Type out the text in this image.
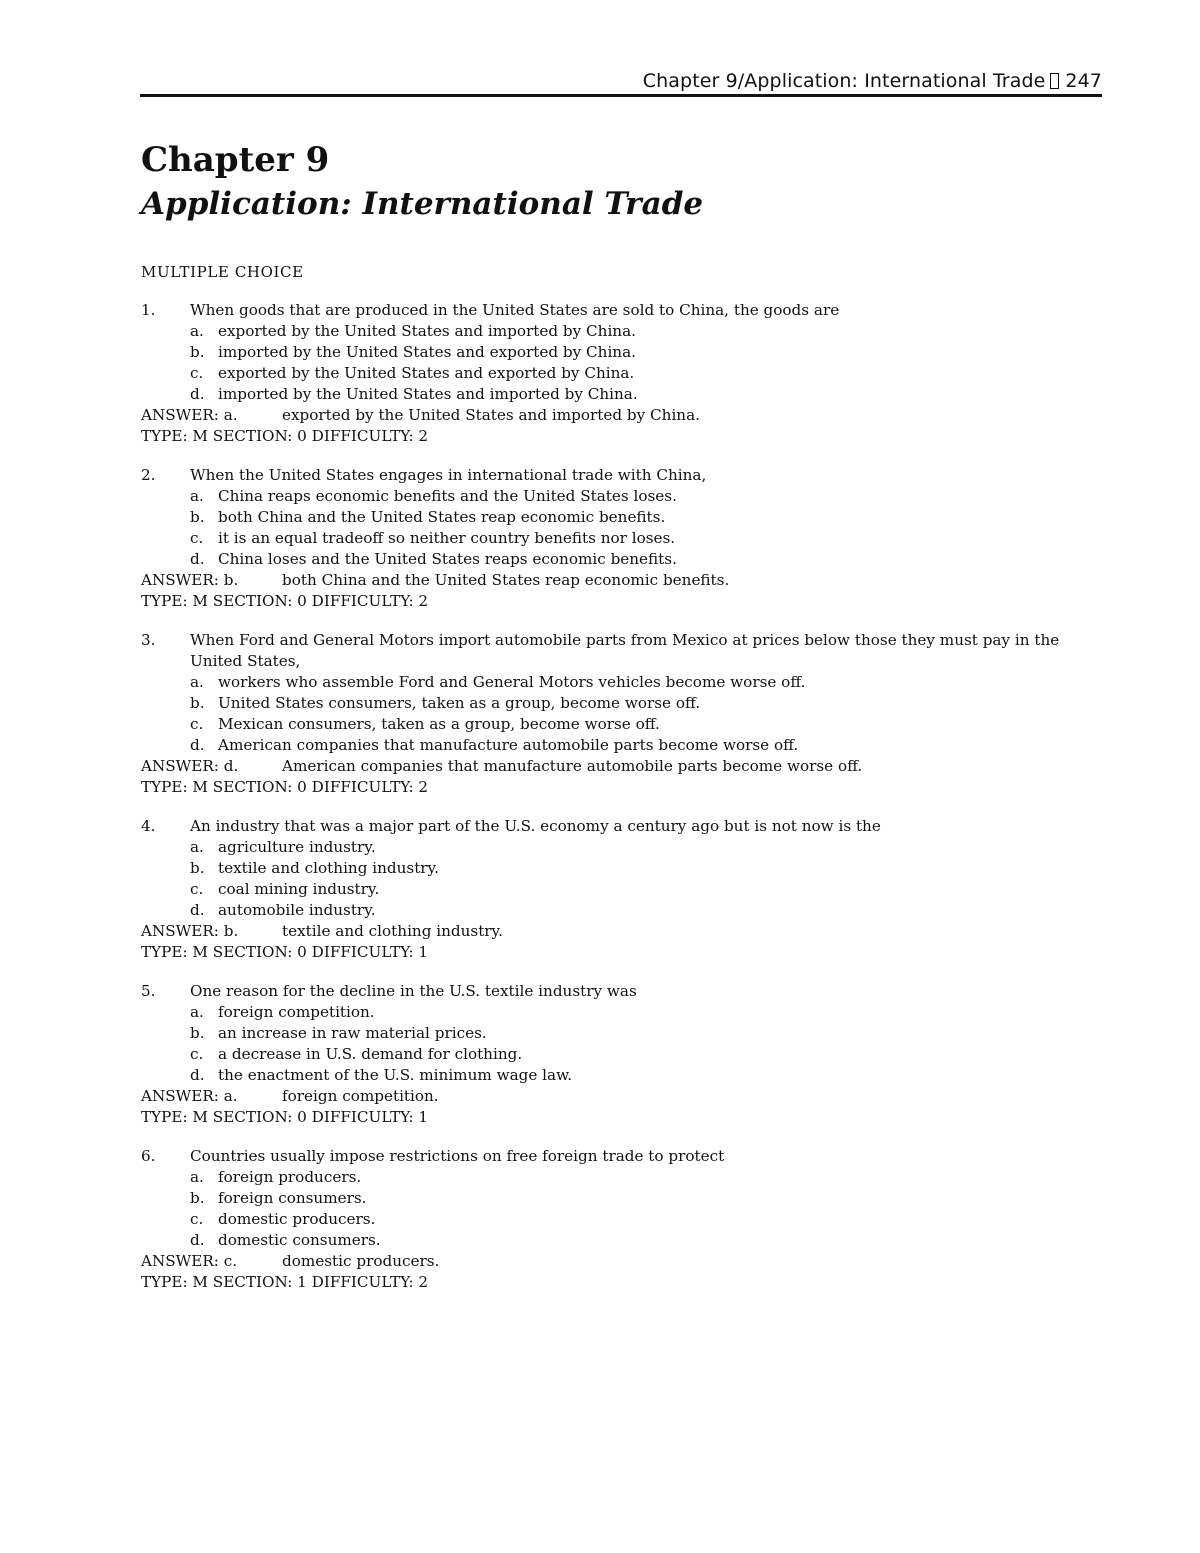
Chapter 9/Application: International Trade 247
Chapter 9
Application: International Trade
MULTIPLE CHOICE
1. When goods that are produced in the United States are sold to China, the goods are
a. exported by the United States and imported by China.
b. imported by the United States and exported by China.
c. exported by the United States and exported by China.
d. imported by the United States and imported by China.
ANSWER: a.	exported by the United States and imported by China.
TYPE: M SECTION: 0 DIFFICULTY: 2
2. When the United States engages in international trade with China,
a. China reaps economic benefits and the United States loses.
b. both China and the United States reap economic benefits.
c. it is an equal tradeoff so neither country benefits nor loses.
d. China loses and the United States reaps economic benefits.
ANSWER: b.	both China and the United States reap economic benefits.
TYPE: M SECTION: 0 DIFFICULTY: 2
3. When Ford and General Motors import automobile parts from Mexico at prices below those they must pay in the United States,
a. workers who assemble Ford and General Motors vehicles become worse off.
b. United States consumers, taken as a group, become worse off.
c. Mexican consumers, taken as a group, become worse off.
d. American companies that manufacture automobile parts become worse off.
ANSWER: d.	American companies that manufacture automobile parts become worse off.
TYPE: M SECTION: 0 DIFFICULTY: 2
4. An industry that was a major part of the U.S. economy a century ago but is not now is the
a. agriculture industry.
b. textile and clothing industry.
c. coal mining industry.
d. automobile industry.
ANSWER: b.	textile and clothing industry.
TYPE: M SECTION: 0 DIFFICULTY: 1
5. One reason for the decline in the U.S. textile industry was
a. foreign competition.
b. an increase in raw material prices.
c. a decrease in U.S. demand for clothing.
d. the enactment of the U.S. minimum wage law.
ANSWER: a.	foreign competition.
TYPE: M SECTION: 0 DIFFICULTY: 1
6. Countries usually impose restrictions on free foreign trade to protect
a. foreign producers.
b. foreign consumers.
c. domestic producers.
d. domestic consumers.
ANSWER: c.	domestic producers.
TYPE: M SECTION: 1 DIFFICULTY: 2
